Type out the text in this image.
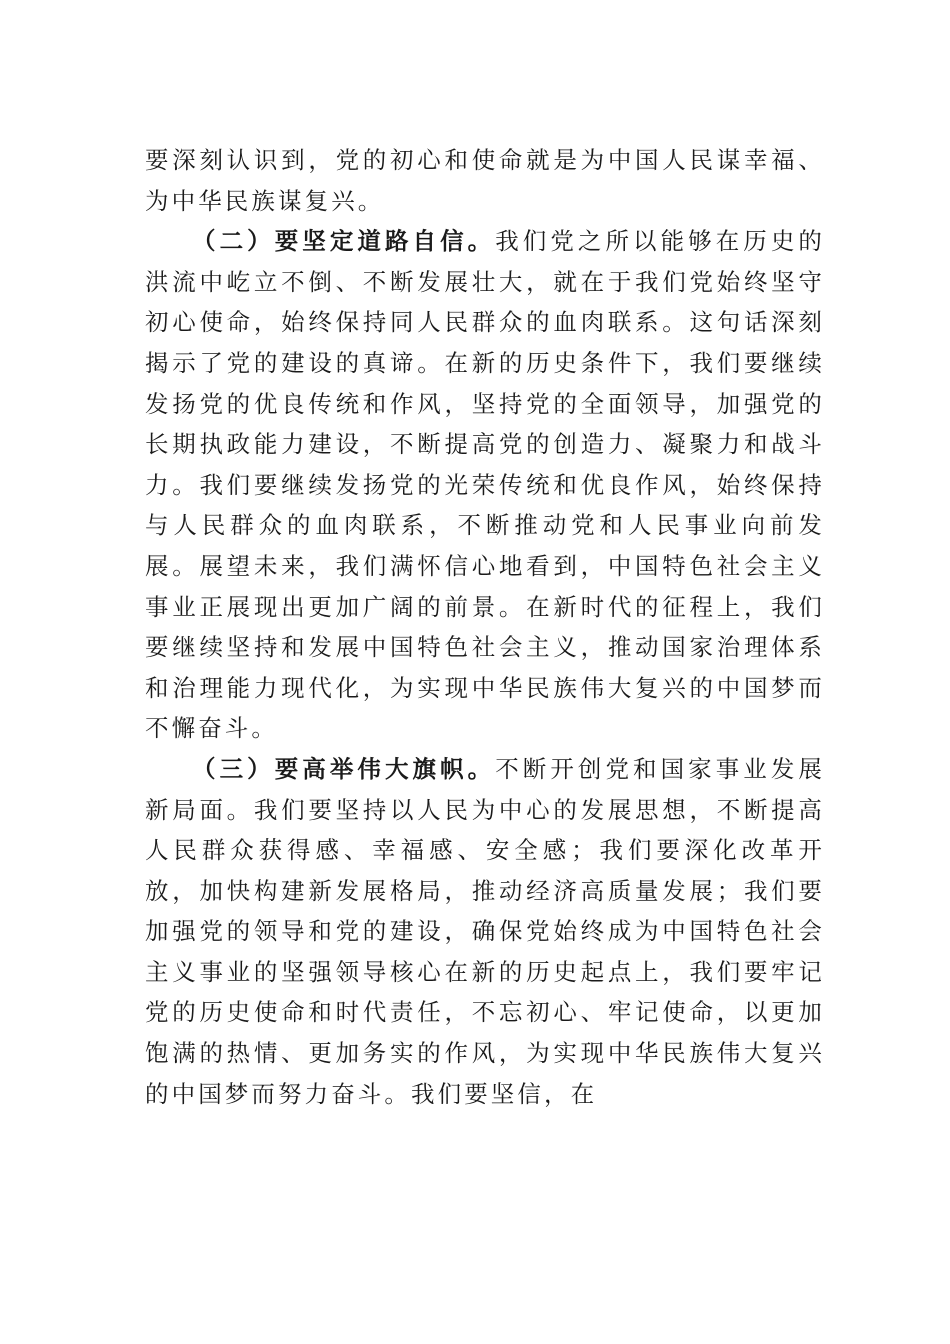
要深刻认识到，党的初心和使命就是为中国人民谋幸福、为中华民族谋复兴。

（二）要坚定道路自信。我们党之所以能够在历史的洪流中屹立不倒、不断发展壮大，就在于我们党始终坚守初心使命，始终保持同人民群众的血肉联系。这句话深刻揭示了党的建设的真谛。在新的历史条件下，我们要继续发扬党的优良传统和作风，坚持党的全面领导，加强党的长期执政能力建设，不断提高党的创造力、凝聚力和战斗力。我们要继续发扬党的光荣传统和优良作风，始终保持与人民群众的血肉联系，不断推动党和人民事业向前发展。展望未来，我们满怀信心地看到，中国特色社会主义事业正展现出更加广阔的前景。在新时代的征程上，我们要继续坚持和发展中国特色社会主义，推动国家治理体系和治理能力现代化，为实现中华民族伟大复兴的中国梦而不懈奋斗。

（三）要高举伟大旗帜。不断开创党和国家事业发展新局面。我们要坚持以人民为中心的发展思想，不断提高人民群众获得感、幸福感、安全感；我们要深化改革开放，加快构建新发展格局，推动经济高质量发展；我们要加强党的领导和党的建设，确保党始终成为中国特色社会主义事业的坚强领导核心在新的历史起点上，我们要牢记党的历史使命和时代责任，不忘初心、牢记使命，以更加饱满的热情、更加务实的作风，为实现中华民族伟大复兴的中国梦而努力奋斗。我们要坚信，在
